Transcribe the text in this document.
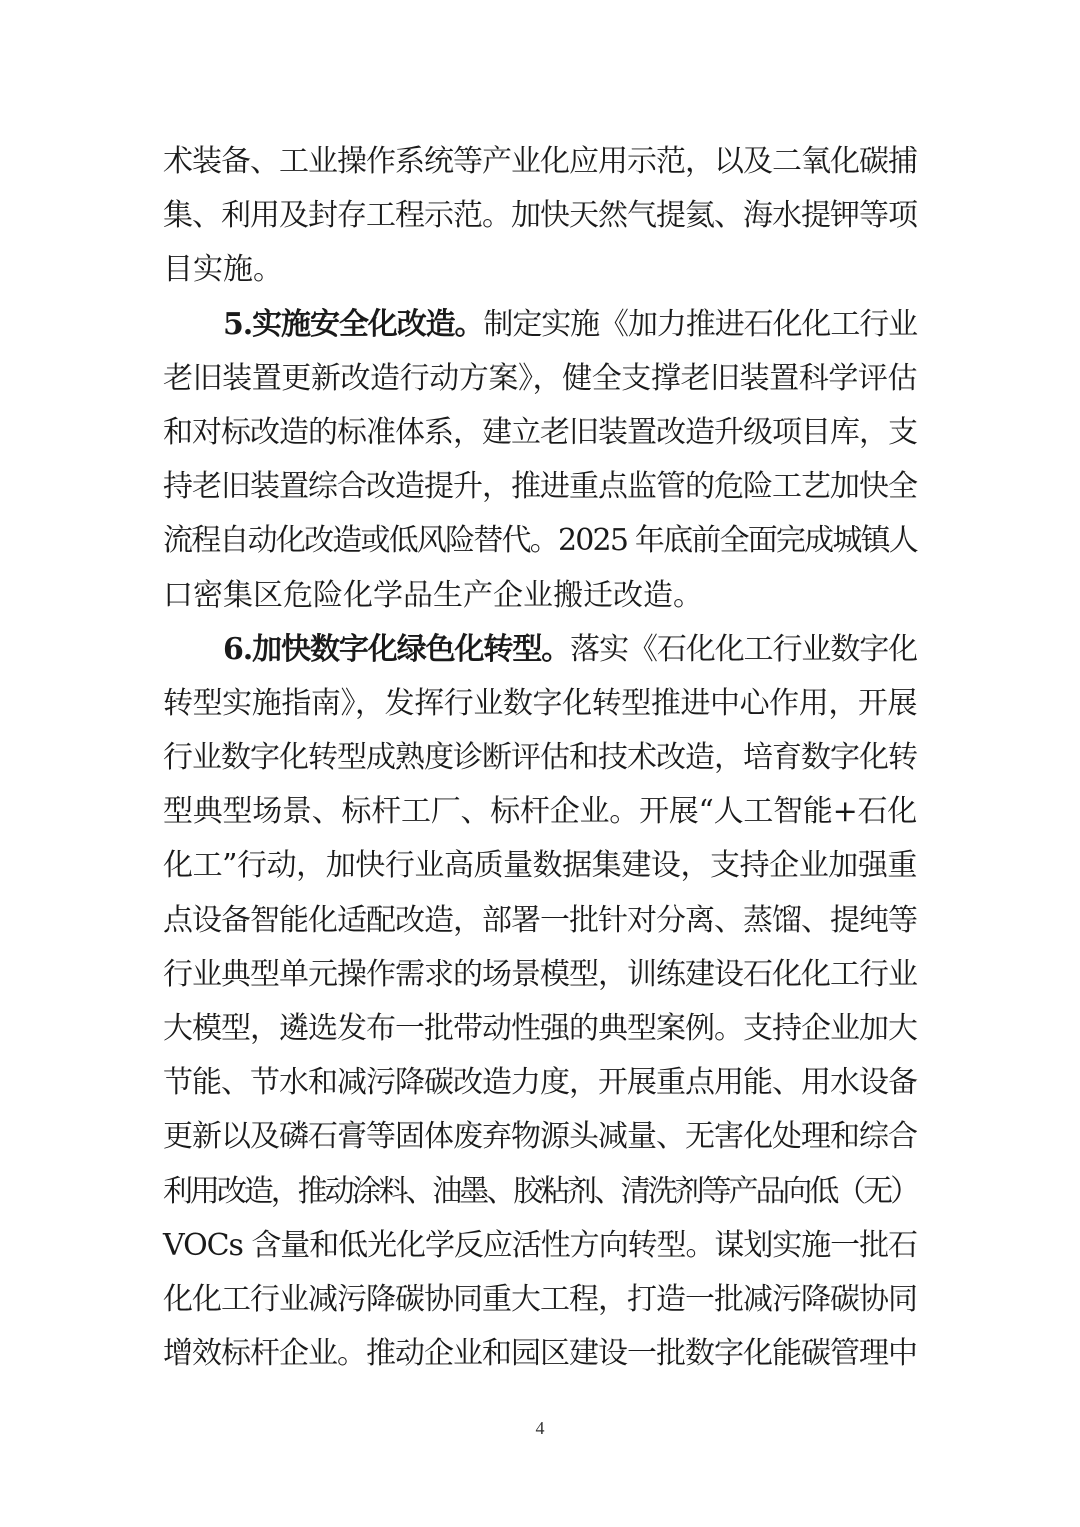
术装备、工业操作系统等产业化应用示范，以及二氧化碳捕
集、利用及封存工程示范。加快天然气提氦、海水提钾等项
目实施。
5.实施安全化改造。制定实施《加力推进石化化工行业
老旧装置更新改造行动方案》，健全支撑老旧装置科学评估
和对标改造的标准体系，建立老旧装置改造升级项目库，支
持老旧装置综合改造提升，推进重点监管的危险工艺加快全
流程自动化改造或低风险替代。2025 年底前全面完成城镇人
口密集区危险化学品生产企业搬迁改造。
6.加快数字化绿色化转型。落实《石化化工行业数字化
转型实施指南》，发挥行业数字化转型推进中心作用，开展
行业数字化转型成熟度诊断评估和技术改造，培育数字化转
型典型场景、标杆工厂、标杆企业。开展“人工智能+石化
化工”行动，加快行业高质量数据集建设，支持企业加强重
点设备智能化适配改造，部署一批针对分离、蒸馏、提纯等
行业典型单元操作需求的场景模型，训练建设石化化工行业
大模型，遴选发布一批带动性强的典型案例。支持企业加大
节能、节水和减污降碳改造力度，开展重点用能、用水设备
更新以及磷石膏等固体废弃物源头减量、无害化处理和综合
利用改造，推动涂料、油墨、胶粘剂、清洗剂等产品向低（无）
VOCs 含量和低光化学反应活性方向转型。谋划实施一批石
化化工行业减污降碳协同重大工程，打造一批减污降碳协同
增效标杆企业。推动企业和园区建设一批数字化能碳管理中
4
